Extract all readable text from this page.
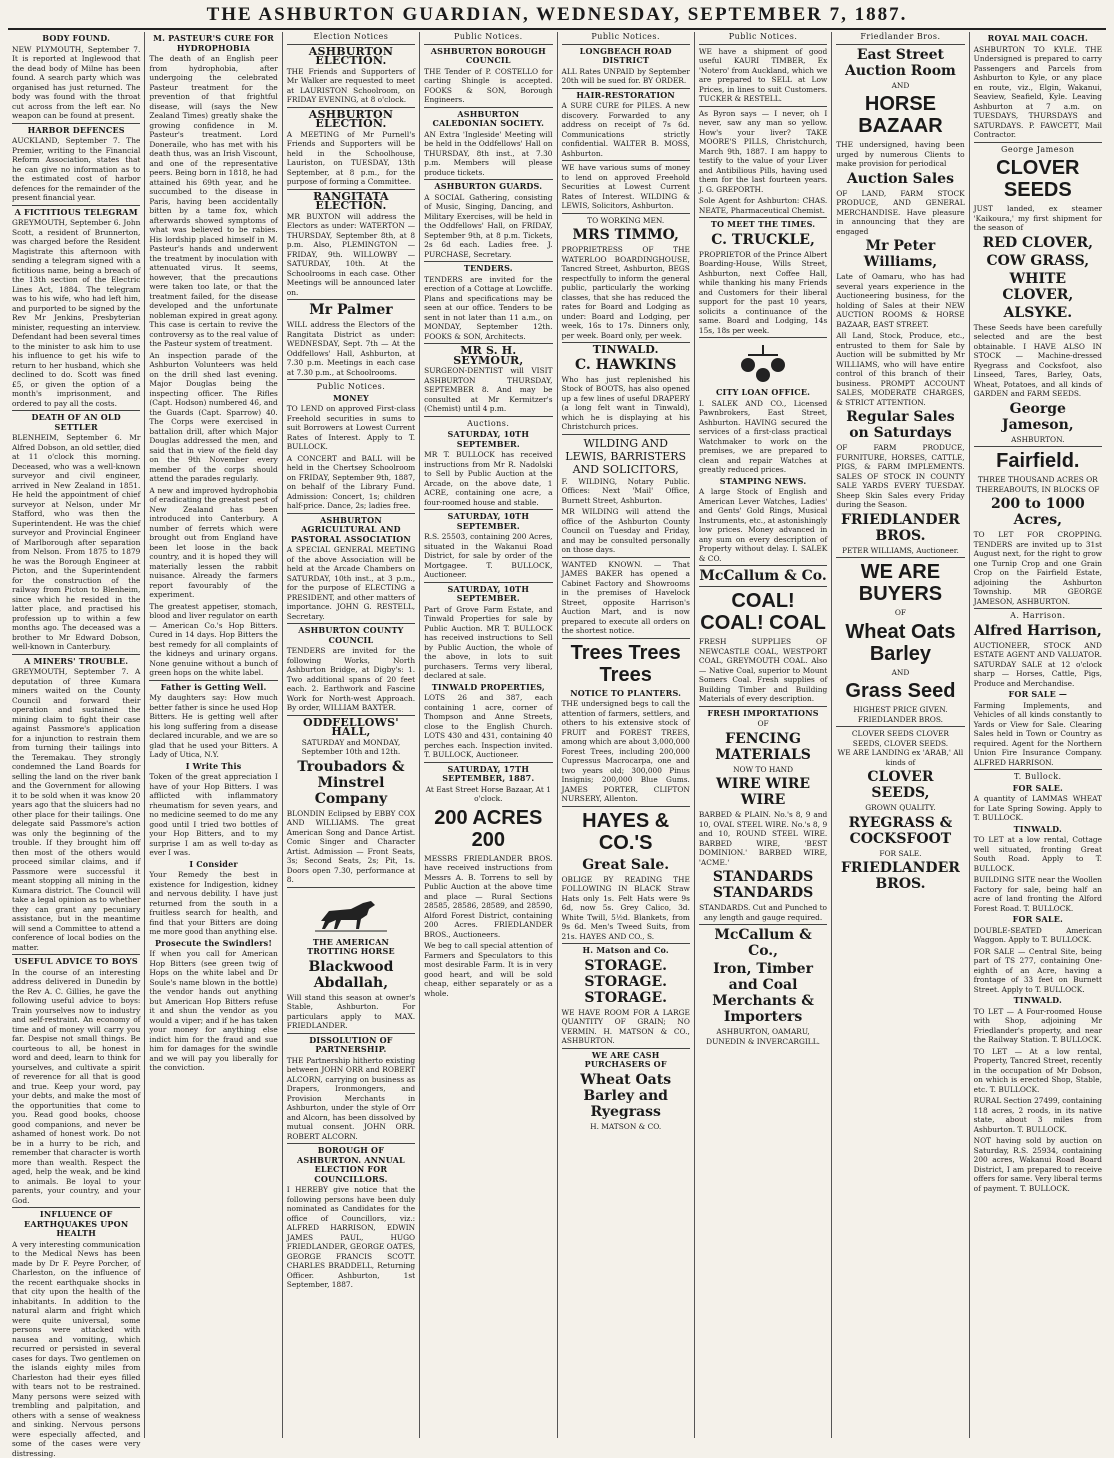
THE ASHBURTON GUARDIAN, WEDNESDAY, SEPTEMBER 7, 1887.
BODY FOUND.
NEW PLYMOUTH, September 7. It is reported at Inglewood that the dead body of Milne has been found. A search party which was organised has just returned. The body was found with the throat cut across from the left ear. No weapon can be found at present.
HARBOR DEFENCES
AUCKLAND, September 7. The Premier, writing to the Financial Reform Association, states that he can give no information as to the estimated cost of harbor defences for the remainder of the present financial year.
A FICTITIOUS TELEGRAM
GREYMOUTH, September 6. John Scott, a resident of Brunnerton, was charged before the Resident Magistrate this afternoon with sending a telegram signed with a fictitious name, being a breach of the 13th section of the Electric Lines Act, 1884. The telegram was to his wife, who had left him, and purported to be signed by the Rev Mr Jenkins, Presbyterian minister, requesting an interview. Defendant had been several times to the minister to ask him to use his influence to get his wife to return to her husband, which she declined to do. Scott was fined £5, or given the option of a month's imprisonment, and ordered to pay all the costs.
DEATH OF AN OLD SETTLER
BLENHEIM, September 6. Mr Alfred Dobson, an old settler, died at 11 o'clock this morning. Deceased, who was a well-known surveyor and civil engineer, arrived in New Zealand in 1851. He held the appointment of chief surveyor at Nelson, under Mr Stafford, who was then the Superintendent. He was the chief surveyor and Provincial Engineer of Marlborough after separation from Nelson. From 1875 to 1879 he was the Borough Engineer at Picton, and the Superintendent for the construction of the railway from Picton to Blenheim, since which he resided in the latter place, and practised his profession up to within a few months ago. The deceased was a brother to Mr Edward Dobson, well-known in Canterbury.
A MINERS' TROUBLE.
GREYMOUTH, September 7. A deputation of three Kumara miners waited on the County Council and forward their operation and sustained the mining claim to fight their case against Passmore's application for a injunction to restrain them from turning their tailings into the Teremakau. They strongly condemned the Land Boards for selling the land on the river bank and the Government for allowing it to be sold when it was know 20 years ago that the sluicers had no other place for their tailings. One delegate said Passmore's action was only the beginning of the trouble. If they brought him off then most of the others would proceed similar claims, and if Passmore were successful it meant stopping all mining in the Kumara district. The Council will take a legal opinion as to whether they can grant any pecuniary assistance, but in the meantime will send a Committee to attend a conference of local bodies on the matter.
USEFUL ADVICE TO BOYS
In the course of an interesting address delivered in Dunedin by the Rev A. C. Gillies, he gave the following useful advice to boys: Train yourselves now to industry and self-restraint. An economy of time and of money will carry you far. Despise not small things. Be courteous to all, be honest in word and deed, learn to think for yourselves, and cultivate a spirit of reverence for all that is good and true. Keep your word, pay your debts, and make the most of the opportunities that come to you. Read good books, choose good companions, and never be ashamed of honest work. Do not be in a hurry to be rich, and remember that character is worth more than wealth. Respect the aged, help the weak, and be kind to animals. Be loyal to your parents, your country, and your God.
INFLUENCE OF EARTHQUAKES UPON HEALTH
A very interesting communication to the Medical News has been made by Dr F. Peyre Porcher, of Charleston, on the influence of the recent earthquake shocks in that city upon the health of the inhabitants. In addition to the natural alarm and fright which were quite universal, some persons were attacked with nausea and vomiting, which recurred or persisted in several cases for days. Two gentlemen on the islands eighty miles from Charleston had their eyes filled with tears not to be restrained. Many persons were seized with trembling and palpitation, and others with a sense of weakness and sinking. Nervous persons were especially affected, and some of the cases were very distressing.
M. PASTEUR'S CURE FOR HYDROPHOBIA
The death of an English peer from hydrophobia, after undergoing the celebrated Pasteur treatment for the prevention of that frightful disease, will (says the New Zealand Times) greatly shake the growing confidence in M. Pasteur's treatment. Lord Doneraile, who has met with his death thus, was an Irish Viscount, and one of the representative peers. Being born in 1818, he had attained his 69th year, and he succumbed to the disease in Paris, having been accidentally bitten by a tame fox, which afterwards showed symptoms of what was believed to be rabies. His lordship placed himself in M. Pasteur's hands and underwent the treatment by inoculation with attenuated virus. It seems, however, that the precautions were taken too late, or that the treatment failed, for the disease developed and the unfortunate nobleman expired in great agony. This case is certain to revive the controversy as to the real value of the Pasteur system of treatment.
An inspection parade of the Ashburton Volunteers was held on the drill shed last evening. Major Douglas being the inspecting officer. The Rifles (Capt. Hodson) numbered 46, and the Guards (Capt. Sparrow) 40. The Corps were exercised in battalion drill, after which Major Douglas addressed the men, and said that in view of the field day on the 9th November every member of the corps should attend the parades regularly.
A new and improved hydrophobia of eradicating the greatest pest of New Zealand has been introduced into Canterbury. A number of ferrets which were brought out from England have been let loose in the back country, and it is hoped they will materially lessen the rabbit nuisance. Already the farmers report favourably of the experiment.
The greatest appetiser, stomach, blood and liver regulator on earth — American Co.'s Hop Bitters. Cured in 14 days. Hop Bitters the best remedy for all complaints of the kidneys and urinary organs. None genuine without a bunch of green hops on the white label.
Father is Getting Well.
My daughters say: How much better father is since he used Hop Bitters. He is getting well after his long suffering from a disease declared incurable, and we are so glad that he used your Bitters. A Lady of Utica, N.Y.
I Write This
Token of the great appreciation I have of your Hop Bitters. I was afflicted with inflammatory rheumatism for seven years, and no medicine seemed to do me any good until I tried two bottles of your Hop Bitters, and to my surprise I am as well to-day as ever I was.
I Consider
Your Remedy the best in existence for Indigestion, kidney and nervous debility. I have just returned from the south in a fruitless search for health, and find that your Bitters are doing me more good than anything else.
Prosecute the Swindlers!
If when you call for American Hop Bitters (see green twig of Hops on the white label and Dr Soule's name blown in the bottle) the vendor hands out anything but American Hop Bitters refuse it and shun the vendor as you would a viper; and if he has taken your money for anything else indict him for the fraud and sue him for damages for the swindle and we will pay you liberally for the conviction.
Election Notices
ASHBURTON ELECTION.
THE Friends and Supporters of Mr Walker are requested to meet at LAURISTON Schoolroom, on FRIDAY EVENING, at 8 o'clock.
ASHBURTON ELECTION.
A MEETING of Mr Purnell's Friends and Supporters will be held in the Schoolhouse, Lauriston, on TUESDAY, 13th September, at 8 p.m., for the purpose of forming a Committee.
RANGITATA ELECTION.
MR BUXTON will address the Electors as under: WATERTON — THURSDAY, September 8th, at 8 p.m. Also, PLEMINGTON — FRIDAY, 9th. WILLOWBY — SATURDAY, 10th. At the Schoolrooms in each case. Other Meetings will be announced later on.
Mr Palmer
WILL address the Electors of the Rangitata District as under: WEDNESDAY, Sept. 7th — At the Oddfellows' Hall, Ashburton, at 7.30 p.m. Meetings in each case at 7.30 p.m., at Schoolrooms.
Public Notices.
MONEY
TO LEND on approved First-class Freehold securities in sums to suit Borrowers at Lowest Current Rates of Interest. Apply to T. BULLOCK.
A CONCERT and BALL will be held in the Chertsey Schoolroom on FRIDAY, September 9th, 1887, on behalf of the Library Fund. Admission: Concert, 1s; children half-price. Dance, 2s; ladies free.
ASHBURTON AGRICULTURAL AND PASTORAL ASSOCIATION
A SPECIAL GENERAL MEETING of the above Association will be held at the Arcade Chambers on SATURDAY, 10th inst., at 3 p.m., for the purpose of ELECTING a PRESIDENT, and other matters of importance. JOHN G. RESTELL, Secretary.
ASHBURTON COUNTY COUNCIL
TENDERS are invited for the following Works, North Ashburton Bridge, at Digby's: 1. Two additional spans of 20 feet each. 2. Earthwork and Fascine Work for North-west Approach. By order, WILLIAM BAXTER.
ODDFELLOWS' HALL,
SATURDAY and MONDAY, September 10th and 12th.
Troubadors & Minstrel Company
BLONDIN Eclipsed by EBBY COX AND WILLIAMS. The great American Song and Dance Artist. Comic Singer and Character Artist. Admission — Front Seats, 3s; Second Seats, 2s; Pit, 1s. Doors open 7.30, performance at 8.
THE AMERICAN TROTTING HORSE
Blackwood Abdallah,
Will stand this season at owner's Stable, Ashburton. For particulars apply to MAX. FRIEDLANDER.
DISSOLUTION OF PARTNERSHIP.
THE Partnership hitherto existing between JOHN ORR and ROBERT ALCORN, carrying on business as Drapers, Ironmongers, and Provision Merchants in Ashburton, under the style of Orr and Alcorn, has been dissolved by mutual consent. JOHN ORR. ROBERT ALCORN.
BOROUGH OF ASHBURTON. ANNUAL ELECTION FOR COUNCILLORS.
I HEREBY give notice that the following persons have been duly nominated as Candidates for the office of Councillors, viz.: ALFRED HARRISON, EDWIN JAMES PAUL, HUGO FRIEDLANDER, GEORGE OATES, GEORGE FRANCIS SCOTT. CHARLES BRADDELL, Returning Officer. Ashburton, 1st September, 1887.
Public Notices.
ASHBURTON BOROUGH COUNCIL
THE Tender of P. COSTELLO for carting Shingle is accepted. FOOKS & SON, Borough Engineers.
ASHBURTON CALEDONIAN SOCIETY.
AN Extra 'Ingleside' Meeting will be held in the Oddfellows' Hall on THURSDAY, 8th inst., at 7.30 p.m. Members will please produce tickets.
ASHBURTON GUARDS.
A SOCIAL Gathering, consisting of Music, Singing, Dancing, and Military Exercises, will be held in the Oddfellows' Hall, on FRIDAY, September 9th, at 8 p.m. Tickets, 2s 6d each. Ladies free. J. PURCHASE, Secretary.
TENDERS.
TENDERS are invited for the erection of a Cottage at Lowcliffe. Plans and specifications may be seen at our office. Tenders to be sent in not later than 11 a.m., on MONDAY, September 12th. FOOKS & SON, Architects.
MR S. H. SEYMOUR,
SURGEON-DENTIST will VISIT ASHBURTON THURSDAY, SEPTEMBER 8. And may be consulted at Mr Kermitzer's (Chemist) until 4 p.m.
Auctions.
SATURDAY, 10TH SEPTEMBER.
MR T. BULLOCK has received instructions from Mr R. Nadolski to Sell by Public Auction at the Arcade, on the above date, 1 ACRE, containing one acre, a four-roomed house and stable.
SATURDAY, 10TH SEPTEMBER.
R.S. 25503, containing 200 Acres, situated in the Wakanui Road District, for sale by order of the Mortgagee. T. BULLOCK, Auctioneer.
SATURDAY, 10TH SEPTEMBER.
Part of Grove Farm Estate, and Tinwald Properties for sale by Public Auction. MR T. BULLOCK has received instructions to Sell by Public Auction, the whole of the above, in lots to suit purchasers. Terms very liberal, declared at sale.
TINWALD PROPERTIES,
LOTS 26 and 387, each containing 1 acre, corner of Thompson and Anne Streets, close to the English Church. LOTS 430 and 431, containing 40 perches each. Inspection invited. T. BULLOCK, Auctioneer.
SATURDAY, 17TH SEPTEMBER, 1887.
At East Street Horse Bazaar, At 1 o'clock.
200 ACRES 200
MESSRS FRIEDLANDER BROS. have received instructions from Messrs A. B. Torrens to sell by Public Auction at the above time and place — Rural Sections 28585, 28586, 28589, and 28590, Alford Forest District, containing 200 Acres. FRIEDLANDER BROS., Auctioneers.
We beg to call special attention of Farmers and Speculators to this most desirable Farm. It is in very good heart, and will be sold cheap, either separately or as a whole.
Public Notices.
LONGBEACH ROAD DISTRICT
ALL Rates UNPAID by September 20th will be sued for. BY ORDER.
HAIR-RESTORATION
A SURE CURE for PILES. A new discovery. Forwarded to any address on receipt of 7s 6d. Communications strictly confidential. WALTER B. MOSS, Ashburton.
WE have various sums of money to lend on approved Freehold Securities at Lowest Current Rates of Interest. WILDING & LEWIS, Solicitors, Ashburton.
TO WORKING MEN.
MRS TIMMO,
PROPRIETRESS OF THE WATERLOO BOARDINGHOUSE, Tancred Street, Ashburton, BEGS respectfully to inform the general public, particularly the working classes, that she has reduced the rates for Board and Lodging as under: Board and Lodging, per week, 16s to 17s. Dinners only, per week. Board only, per week.
TINWALD.
C. HAWKINS
Who has just replenished his Stock of BOOTS, has also opened up a few lines of useful DRAPERY (a long felt want in Tinwald), which he is displaying at his Christchurch prices.
WILDING AND LEWIS, BARRISTERS AND SOLICITORS,
F. WILDING, Notary Public. Offices: Next 'Mail' Office, Burnett Street, Ashburton.
MR WILDING will attend the office of the Ashburton County Council on Tuesday and Friday, and may be consulted personally on those days.
WANTED KNOWN. — That JAMES BAKER has opened a Cabinet Factory and Showrooms in the premises of Havelock Street, opposite Harrison's Auction Mart, and is now prepared to execute all orders on the shortest notice.
Trees Trees Trees
NOTICE TO PLANTERS.
THE undersigned begs to call the attention of farmers, settlers, and others to his extensive stock of FRUIT and FOREST TREES, among which are about 3,000,000 Forest Trees, including 200,000 Cupressus Macrocarpa, one and two years old; 300,000 Pinus Insignis; 200,000 Blue Gums. JAMES PORTER, CLIFTON NURSERY, Allenton.
HAYES & CO.'S
Great Sale.
OBLIGE BY READING THE FOLLOWING IN BLACK Straw Hats only 1s. Felt Hats were 9s 6d, now 5s. Grey Calico, 3d. White Twill, 5½d. Blankets, from 9s 6d. Men's Tweed Suits, from 21s. HAYES AND CO., S.
H. Matson and Co.
STORAGE. STORAGE. STORAGE.
WE HAVE ROOM FOR A LARGE QUANTITY OF GRAIN; NO VERMIN. H. MATSON & CO., ASHBURTON.
WE ARE CASH PURCHASERS OF
Wheat Oats Barley and Ryegrass
H. MATSON & CO.
Public Notices.
WE have a shipment of good useful KAURI TIMBER, Ex 'Notero' from Auckland, which we are prepared to SELL at Low Prices, in lines to suit Customers. TUCKER & RESTELL.
As Byron says — I never, oh I never, saw any man so yellow. How's your liver? TAKE MOORE'S PILLS, Christchurch, March 9th, 1887. I am happy to testify to the value of your Liver and Antibilious Pills, having used them for the last fourteen years. J. G. GREPORTH.
Sole Agent for Ashburton: CHAS. NEATE, Pharmaceutical Chemist.
TO MEET THE TIMES.
C. TRUCKLE,
PROPRIETOR of the Prince Albert Boarding-House, Wills Street, Ashburton, next Coffee Hall, while thanking his many Friends and Customers for their liberal support for the past 10 years, solicits a continuance of the same. Board and Lodging, 14s 15s, 18s per week.
CITY LOAN OFFICE.
I. SALEK AND CO., Licensed Pawnbrokers, East Street, Ashburton. HAVING secured the services of a first-class practical Watchmaker to work on the premises, we are prepared to clean and repair Watches at greatly reduced prices.
STAMPING NEWS.
A large Stock of English and American Lever Watches, Ladies' and Gents' Gold Rings, Musical Instruments, etc., at astonishingly low prices. Money advanced in any sum on every description of Property without delay. I. SALEK & CO.
McCallum & Co.
COAL! COAL! COAL
FRESH SUPPLIES OF NEWCASTLE COAL, WESTPORT COAL, GREYMOUTH COAL. Also — Native Coal, superior to Mount Somers Coal. Fresh supplies of Building Timber and Building Materials of every description.
FRESH IMPORTATIONS
OF
FENCING MATERIALS
NOW TO HAND
WIRE WIRE WIRE
BARBED & PLAIN. No.'s 8, 9 and 10, OVAL STEEL WIRE. No.'s 8, 9 and 10, ROUND STEEL WIRE. BARBED WIRE, 'BEST DOMINION.' BARBED WIRE, 'ACME.'
STANDARDS STANDARDS
STANDARDS. Cut and Punched to any length and gauge required.
McCallum & Co.,
Iron, Timber and Coal Merchants & Importers
ASHBURTON, OAMARU, DUNEDIN & INVERCARGILL.
Friedlander Bros.
East Street Auction Room
AND
HORSE BAZAAR
THE undersigned, having been urged by numerous Clients to make provision for periodical
Auction Sales
OF LAND, FARM STOCK PRODUCE, AND GENERAL MERCHANDISE. Have pleasure in announcing that they are engaged
Mr Peter Williams,
Late of Oamaru, who has had several years experience in the Auctioneering business, for the holding of Sales at their NEW AUCTION ROOMS & HORSE BAZAAR, EAST STREET.
All Land, Stock, Produce, etc., entrusted to them for Sale by Auction will be submitted by Mr WILLIAMS, who will have entire control of this branch of their business. PROMPT ACCOUNT SALES, MODERATE CHARGES, & STRICT ATTENTION.
Regular Sales on Saturdays
OF FARM PRODUCE, FURNITURE, HORSES, CATTLE, PIGS, & FARM IMPLEMENTS. SALES OF STOCK IN COUNTY SALE YARDS EVERY TUESDAY. Sheep Skin Sales every Friday during the Season.
FRIEDLANDER BROS.
PETER WILLIAMS, Auctioneer.
WE ARE BUYERS
OF
Wheat Oats Barley
AND
Grass Seed
HIGHEST PRICE GIVEN. FRIEDLANDER BROS.
CLOVER SEEDS CLOVER SEEDS, CLOVER SEEDS.
WE ARE LANDING ex 'ARAB,' All kinds of
CLOVER SEEDS,
GROWN QUALITY.
RYEGRASS & COCKSFOOT
FOR SALE.
FRIEDLANDER BROS.
ROYAL MAIL COACH.
ASHBURTON TO KYLE. THE Undersigned is prepared to carry Passengers and Parcels from Ashburton to Kyle, or any place en route, viz., Elgin, Wakanui, Seaview, Seafield, Kyle. Leaving Ashburton at 7 a.m. on TUESDAYS, THURSDAYS and SATURDAYS. P. FAWCETT, Mail Contractor.
George Jameson
CLOVER SEEDS
JUST landed, ex steamer 'Kaikoura,' my first shipment for the season of
RED CLOVER,
COW GRASS,
WHITE CLOVER,
ALSYKE.
These Seeds have been carefully selected and are the best obtainable. I HAVE ALSO IN STOCK — Machine-dressed Ryegrass and Cocksfoot, also Linseed, Tares, Barley, Oats, Wheat, Potatoes, and all kinds of GARDEN and FARM SEEDS.
George Jameson,
ASHBURTON.
Fairfield.
THREE THOUSAND ACRES OR THEREABOUTS, IN BLOCKS OF
200 to 1000 Acres,
TO LET FOR CROPPING. TENDERS are invited up to 31st August next, for the right to grow one Turnip Crop and one Grain Crop on the Fairfield Estate, adjoining the Ashburton Township. MR GEORGE JAMESON, ASHBURTON.
A. Harrison.
Alfred Harrison,
AUCTIONEER, STOCK AND ESTATE AGENT AND VALUATOR. SATURDAY SALE at 12 o'clock sharp — Horses, Cattle, Pigs, Produce and Merchandise.
FOR SALE —
Farming Implements, and Vehicles of all kinds constantly to Yards or View for Sale. Clearing Sales held in Town or Country as required. Agent for the Northern Union Fire Insurance Company. ALFRED HARRISON.
T. Bullock.
FOR SALE.
A quantity of LAMMAS WHEAT for Late Spring Sowing. Apply to T. BULLOCK.
TINWALD.
TO LET at a low rental, Cottage well situated, fronting Great South Road. Apply to T. BULLOCK.
BUILDING SITE near the Woollen Factory for sale, being half an acre of land fronting the Alford Forest Road. T. BULLOCK.
FOR SALE.
DOUBLE-SEATED American Waggon. Apply to T. BULLOCK.
FOR SALE — Central Site, being part of TS 277, containing One-eighth of an Acre, having a frontage of 33 feet on Burnett Street. Apply to T. BULLOCK.
TINWALD.
TO LET — A Four-roomed House with Shop, adjoining Mr Friedlander's property, and near the Railway Station. T. BULLOCK.
TO LET — At a low rental, Property, Tancred Street, recently in the occupation of Mr Dobson, on which is erected Shop, Stable, etc. T. BULLOCK.
RURAL Section 27499, containing 118 acres, 2 roods, in its native state, about 3 miles from Ashburton. T. BULLOCK.
NOT having sold by auction on Saturday, R.S. 25934, containing 200 acres, Wakanui Road Board District, I am prepared to receive offers for same. Very liberal terms of payment. T. BULLOCK.
